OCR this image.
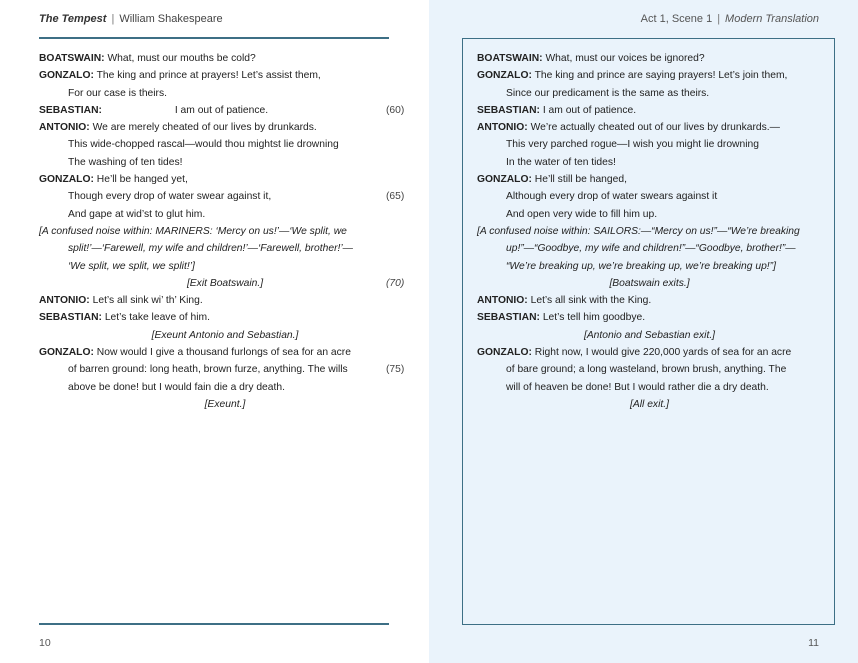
The Tempest | William Shakespeare	Act 1, Scene 1 | Modern Translation
BOATSWAIN: What, must our mouths be cold?
GONZALO: The king and prince at prayers! Let’s assist them,
For our case is theirs.
SEBASTIAN:	I am out of patience.	(60)
ANTONIO: We are merely cheated of our lives by drunkards.
This wide-chopped rascal—would thou mightst lie drowning
The washing of ten tides!
GONZALO: He’ll be hanged yet,
Though every drop of water swear against it,	(65)
And gape at wid’st to glut him.
[A confused noise within: MARINERS: ‘Mercy on us!’—‘We split, we
split!’—‘Farewell, my wife and children!’—‘Farewell, brother!’—
‘We split, we split, we split!’]
[Exit Boatswain.]	(70)
ANTONIO: Let’s all sink wi’ th’ King.
SEBASTIAN: Let’s take leave of him.
[Exeunt Antonio and Sebastian.]
GONZALO: Now would I give a thousand furlongs of sea for an acre
of barren ground: long heath, brown furze, anything. The wills	(75)
above be done! but I would fain die a dry death.
[Exeunt.]
BOATSWAIN: What, must our voices be ignored?
GONZALO: The king and prince are saying prayers! Let’s join them,
Since our predicament is the same as theirs.
SEBASTIAN: I am out of patience.
ANTONIO: We’re actually cheated out of our lives by drunkards.—
This very parched rogue—I wish you might lie drowning
In the water of ten tides!
GONZALO: He’ll still be hanged,
Although every drop of water swears against it
And open very wide to fill him up.
[A confused noise within: SAILORS:—“Mercy on us!”—“We’re breaking
up!”—“Goodbye, my wife and children!”—“Goodbye, brother!”—
“We’re breaking up, we’re breaking up, we’re breaking up!”]
[Boatswain exits.]
ANTONIO: Let’s all sink with the King.
SEBASTIAN: Let’s tell him goodbye.
[Antonio and Sebastian exit.]
GONZALO: Right now, I would give 220,000 yards of sea for an acre
of bare ground; a long wasteland, brown brush, anything. The
will of heaven be done! But I would rather die a dry death.
[All exit.]
10	11
